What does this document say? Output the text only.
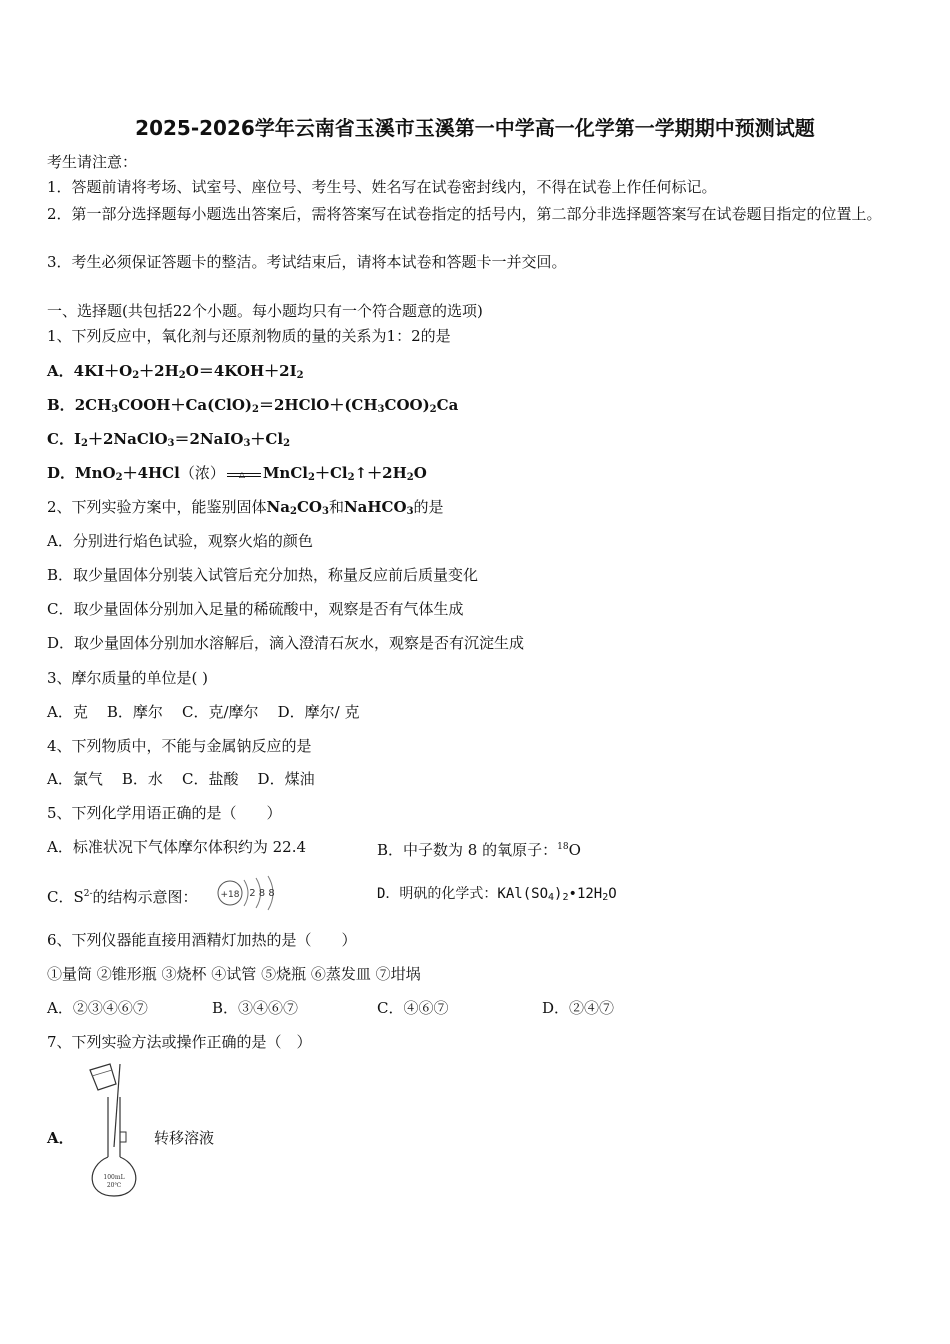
2025-2026学年云南省玉溪市玉溪第一中学高一化学第一学期期中预测试题
考生请注意：
1．答题前请将考场、试室号、座位号、考生号、姓名写在试卷密封线内，不得在试卷上作任何标记。
2．第一部分选择题每小题选出答案后，需将答案写在试卷指定的括号内，第二部分非选择题答案写在试卷题目指定的位置上。
3．考生必须保证答题卡的整洁。考试结束后，请将本试卷和答题卡一并交回。
一、选择题(共包括22个小题。每小题均只有一个符合题意的选项)
1、下列反应中，氧化剂与还原剂物质的量的关系为1：2的是
A．$4KI+O_2+2H_2O=4KOH+2I_2$
B．$2CH_3COOH+Ca(ClO)_2=2HClO+(CH_3COO)_2Ca$
C．$I_2+2NaClO_3=2NaIO_3+Cl_2$
D．MnO$_2$＋4HCl（浓） △ $MnCl_2+Cl_2↑+2H_2O$
2、下列实验方案中，能鉴别固体$Na_2CO_3$和NaHCO$_3$的是
A．分别进行焰色试验，观察火焰的颜色
B．取少量固体分别装入试管后充分加热，称量反应前后质量变化
C．取少量固体分别加入足量的稀硫酸中，观察是否有气体生成
D．取少量固体分别加水溶解后，滴入澄清石灰水，观察是否有沉淀生成
3、摩尔质量的单位是( )
A．克    B．摩尔    C．克/摩尔    D．摩尔/ 克
4、下列物质中，不能与金属钠反应的是
A．氯气    B．水    C．盐酸    D．煤油
5、下列化学用语正确的是（　　）
A．标准状况下气体摩尔体积约为 22.4	B．中子数为 8 的氧原子：$^{18}$O
C．$S^{2-}$的结构示意图：	+18 2 8 8	D．明矾的化学式：$KAl(SO_4)_2•12H_2O$
6、下列仪器能直接用酒精灯加热的是（　　）
①量筒 ②锥形瓶 ③烧杯 ④试管 ⑤烧瓶 ⑥蒸发皿 ⑦坩埚
A．②③④⑥⑦	B．③④⑥⑦	C．④⑥⑦	D．②④⑦
7、下列实验方法或操作正确的是（　）
A．
100mL
20℃
转移溶液
